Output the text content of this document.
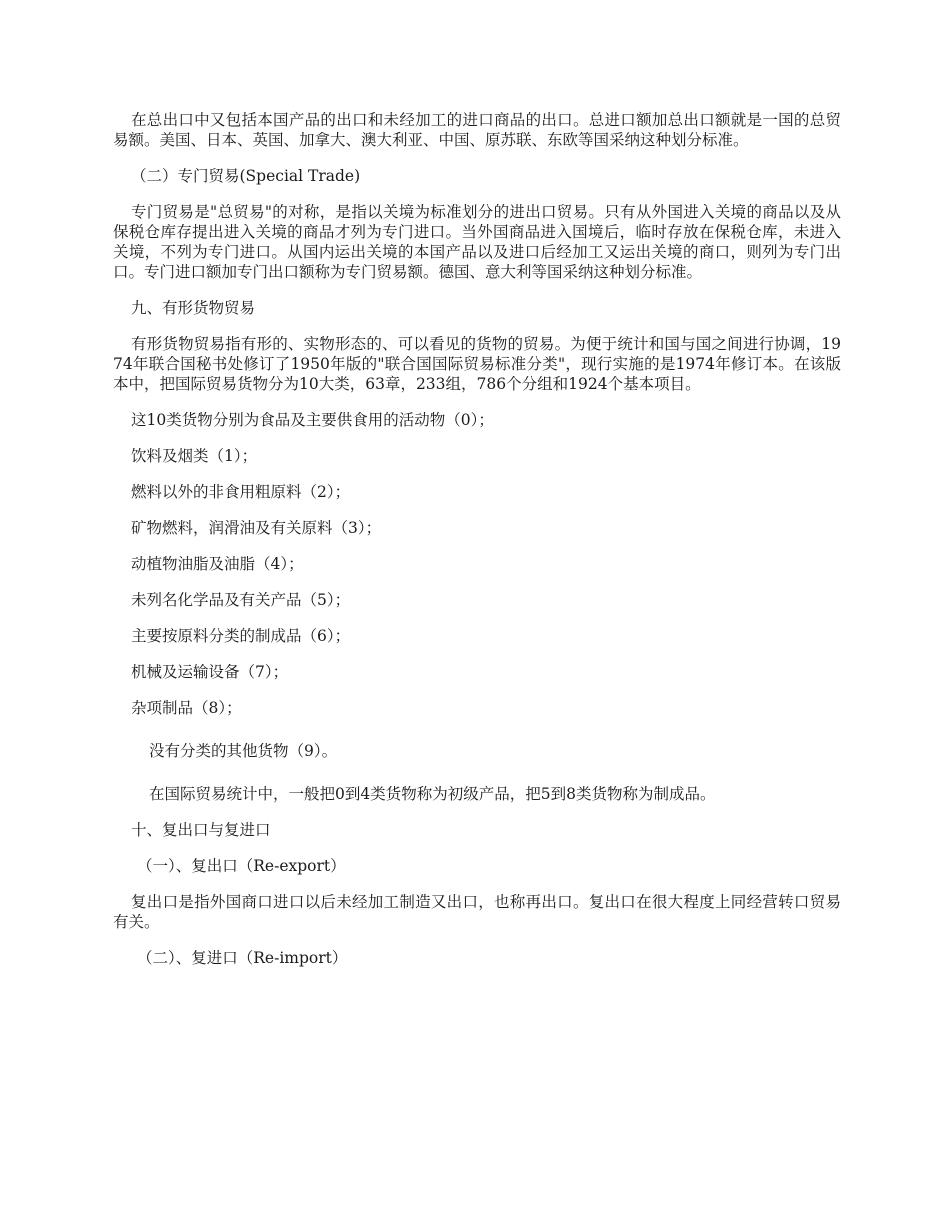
在总出口中又包括本国产品的出口和未经加工的进口商品的出口。总进口额加总出口额就是一国的总贸易额。美国、日本、英国、加拿大、澳大利亚、中国、原苏联、东欧等国采纳这种划分标准。

（二）专门贸易(Special Trade)

专门贸易是"总贸易"的对称，是指以关境为标准划分的进出口贸易。只有从外国进入关境的商品以及从保税仓库存提出进入关境的商品才列为专门进口。当外国商品进入国境后，临时存放在保税仓库，未进入关境，不列为专门进口。从国内运出关境的本国产品以及进口后经加工又运出关境的商口，则列为专门出口。专门进口额加专门出口额称为专门贸易额。德国、意大利等国采纳这种划分标准。

九、有形货物贸易

有形货物贸易指有形的、实物形态的、可以看见的货物的贸易。为便于统计和国与国之间进行协调，1974年联合国秘书处修订了1950年版的"联合国国际贸易标准分类"，现行实施的是1974年修订本。在该版本中，把国际贸易货物分为10大类，63章，233组，786个分组和1924个基本项目。

这10类货物分别为食品及主要供食用的活动物（0）；

饮料及烟类（1）；

燃料以外的非食用粗原料（2）；

矿物燃料，润滑油及有关原料（3）；

动植物油脂及油脂（4）；

未列名化学品及有关产品（5）；

主要按原料分类的制成品（6）；

机械及运输设备（7）；

杂项制品（8）；

没有分类的其他货物（9）。

在国际贸易统计中，一般把0到4类货物称为初级产品，把5到8类货物称为制成品。

十、复出口与复进口

（一）、复出口（Re-export）

复出口是指外国商口进口以后未经加工制造又出口，也称再出口。复出口在很大程度上同经营转口贸易有关。

（二）、复进口（Re-import）
